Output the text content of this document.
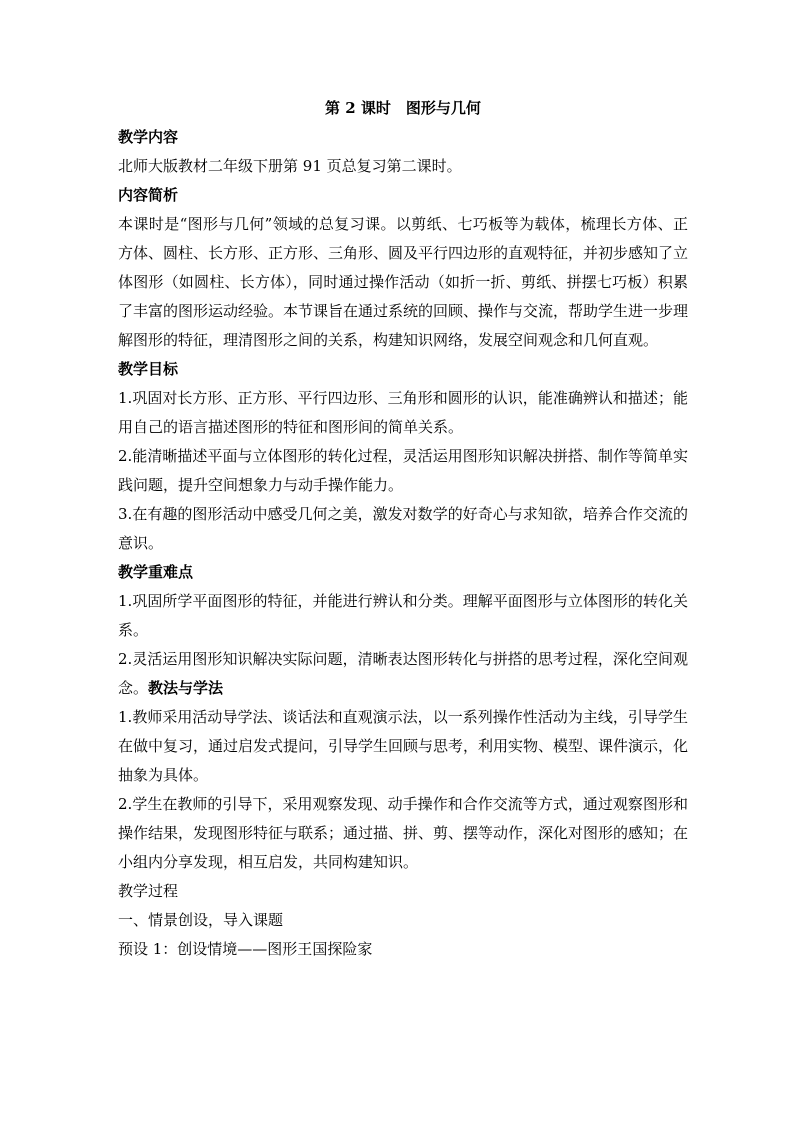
第 2 课时　图形与几何

教学内容

北师大版教材二年级下册第 91 页总复习第二课时。

内容简析

本课时是“图形与几何”领域的总复习课。以剪纸、七巧板等为载体，梳理长方体、正方体、圆柱、长方形、正方形、三角形、圆及平行四边形的直观特征，并初步感知了立体图形（如圆柱、长方体），同时通过操作活动（如折一折、剪纸、拼摆七巧板）积累了丰富的图形运动经验。本节课旨在通过系统的回顾、操作与交流，帮助学生进一步理解图形的特征，理清图形之间的关系，构建知识网络，发展空间观念和几何直观。

教学目标

1.巩固对长方形、正方形、平行四边形、三角形和圆形的认识，能准确辨认和描述；能用自己的语言描述图形的特征和图形间的简单关系。

2.能清晰描述平面与立体图形的转化过程，灵活运用图形知识解决拼搭、制作等简单实践问题，提升空间想象力与动手操作能力。

3.在有趣的图形活动中感受几何之美，激发对数学的好奇心与求知欲，培养合作交流的意识。

教学重难点

1.巩固所学平面图形的特征，并能进行辨认和分类。理解平面图形与立体图形的转化关系。

2.灵活运用图形知识解决实际问题，清晰表达图形转化与拼搭的思考过程，深化空间观念。教法与学法

1.教师采用活动导学法、谈话法和直观演示法，以一系列操作性活动为主线，引导学生在做中复习，通过启发式提问，引导学生回顾与思考，利用实物、模型、课件演示，化抽象为具体。

2.学生在教师的引导下，采用观察发现、动手操作和合作交流等方式，通过观察图形和操作结果，发现图形特征与联系；通过描、拼、剪、摆等动作，深化对图形的感知；在小组内分享发现，相互启发，共同构建知识。

教学过程

一、情景创设，导入课题

预设 1：创设情境——图形王国探险家
